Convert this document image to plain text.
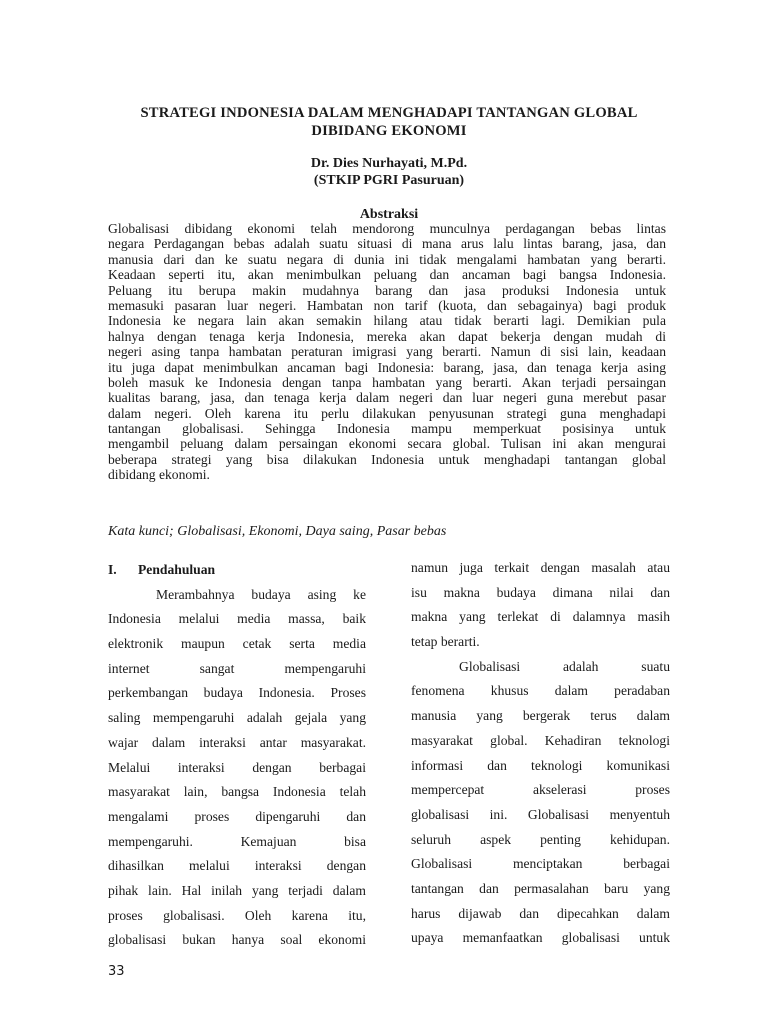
STRATEGI INDONESIA DALAM MENGHADAPI TANTANGAN GLOBAL
DIBIDANG EKONOMI
Dr. Dies Nurhayati, M.Pd.
(STKIP PGRI Pasuruan)
Abstraksi
Globalisasi dibidang ekonomi telah mendorong munculnya perdagangan bebas lintas
negara Perdagangan bebas adalah suatu situasi di mana arus lalu lintas barang, jasa, dan
manusia dari dan ke suatu negara di dunia ini tidak mengalami hambatan yang berarti.
Keadaan seperti itu, akan menimbulkan peluang dan ancaman bagi bangsa Indonesia.
Peluang itu berupa makin mudahnya barang dan jasa produksi Indonesia untuk
memasuki pasaran luar negeri. Hambatan non tarif (kuota, dan sebagainya) bagi produk
Indonesia ke negara lain akan semakin hilang atau tidak berarti lagi. Demikian pula
halnya dengan tenaga kerja Indonesia, mereka akan dapat bekerja dengan mudah di
negeri asing tanpa hambatan peraturan imigrasi yang berarti. Namun di sisi lain, keadaan
itu juga dapat menimbulkan ancaman bagi Indonesia: barang, jasa, dan tenaga kerja asing
boleh masuk ke Indonesia dengan tanpa hambatan yang berarti. Akan terjadi persaingan
kualitas barang, jasa, dan tenaga kerja dalam negeri dan luar negeri guna merebut pasar
dalam negeri. Oleh karena itu perlu dilakukan penyusunan strategi guna menghadapi
tantangan globalisasi. Sehingga Indonesia mampu memperkuat posisinya untuk
mengambil peluang dalam persaingan ekonomi secara global. Tulisan ini akan mengurai
beberapa strategi yang bisa dilakukan Indonesia untuk menghadapi tantangan global
dibidang ekonomi.
Kata kunci; Globalisasi, Ekonomi, Daya saing, Pasar bebas
I. Pendahuluan
Merambahnya budaya asing ke
Indonesia melalui media massa, baik
elektronik maupun cetak serta media
internet sangat mempengaruhi
perkembangan budaya Indonesia. Proses
saling mempengaruhi adalah gejala yang
wajar dalam interaksi antar masyarakat.
Melalui interaksi dengan berbagai
masyarakat lain, bangsa Indonesia telah
mengalami proses dipengaruhi dan
mempengaruhi. Kemajuan bisa
dihasilkan melalui interaksi dengan
pihak lain. Hal inilah yang terjadi dalam
proses globalisasi. Oleh karena itu,
globalisasi bukan hanya soal ekonomi
namun juga terkait dengan masalah atau
isu makna budaya dimana nilai dan
makna yang terlekat di dalamnya masih
tetap berarti.
Globalisasi adalah suatu
fenomena khusus dalam peradaban
manusia yang bergerak terus dalam
masyarakat global. Kehadiran teknologi
informasi dan teknologi komunikasi
mempercepat akselerasi proses
globalisasi ini. Globalisasi menyentuh
seluruh aspek penting kehidupan.
Globalisasi menciptakan berbagai
tantangan dan permasalahan baru yang
harus dijawab dan dipecahkan dalam
upaya memanfaatkan globalisasi untuk
33
